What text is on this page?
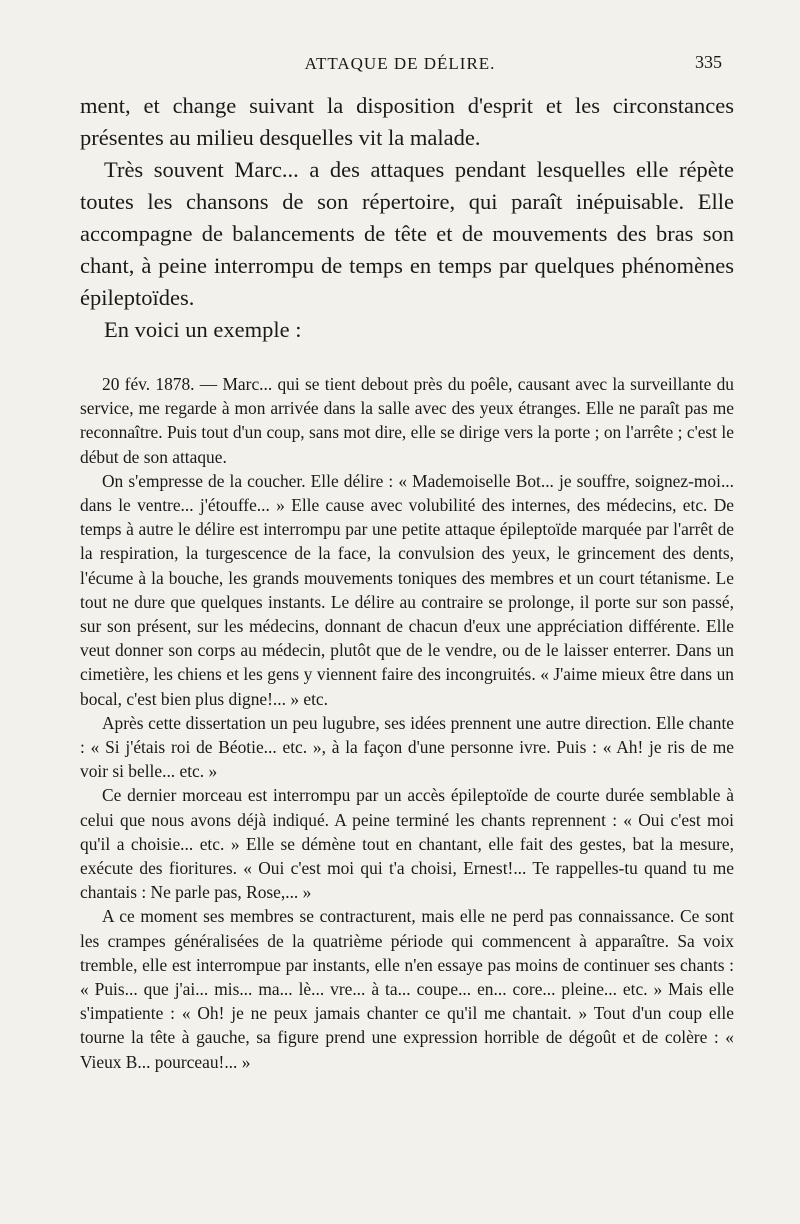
ATTAQUE DE DÉLIRE.	335

ment, et change suivant la disposition d'esprit et les circonstances présentes au milieu desquelles vit la malade.

Très souvent Marc... a des attaques pendant lesquelles elle répète toutes les chansons de son répertoire, qui paraît inépuisable. Elle accompagne de balancements de tête et de mouvements des bras son chant, à peine interrompu de temps en temps par quelques phénomènes épileptoïdes.

En voici un exemple :

20 fév. 1878. — Marc... qui se tient debout près du poêle, causant avec la surveillante du service, me regarde à mon arrivée dans la salle avec des yeux étranges. Elle ne paraît pas me reconnaître. Puis tout d'un coup, sans mot dire, elle se dirige vers la porte ; on l'arrête ; c'est le début de son attaque.

On s'empresse de la coucher. Elle délire : « Mademoiselle Bot... je souffre, soignez-moi... dans le ventre... j'étouffe... » Elle cause avec volubilité des internes, des médecins, etc. De temps à autre le délire est interrompu par une petite attaque épileptoïde marquée par l'arrêt de la respiration, la turgescence de la face, la convulsion des yeux, le grincement des dents, l'écume à la bouche, les grands mouvements toniques des membres et un court tétanisme. Le tout ne dure que quelques instants. Le délire au contraire se prolonge, il porte sur son passé, sur son présent, sur les médecins, donnant de chacun d'eux une appréciation différente. Elle veut donner son corps au médecin, plutôt que de le vendre, ou de le laisser enterrer. Dans un cimetière, les chiens et les gens y viennent faire des incongruités. « J'aime mieux être dans un bocal, c'est bien plus digne!... » etc.

Après cette dissertation un peu lugubre, ses idées prennent une autre direction. Elle chante : « Si j'étais roi de Béotie... etc. », à la façon d'une personne ivre. Puis : « Ah! je ris de me voir si belle... etc. »

Ce dernier morceau est interrompu par un accès épileptoïde de courte durée semblable à celui que nous avons déjà indiqué. A peine terminé les chants reprennent : « Oui c'est moi qu'il a choisie... etc. » Elle se démène tout en chantant, elle fait des gestes, bat la mesure, exécute des fioritures. « Oui c'est moi qui t'a choisi, Ernest!... Te rappelles-tu quand tu me chantais : Ne parle pas, Rose,... »

A ce moment ses membres se contracturent, mais elle ne perd pas connaissance. Ce sont les crampes généralisées de la quatrième période qui commencent à apparaître. Sa voix tremble, elle est interrompue par instants, elle n'en essaye pas moins de continuer ses chants : « Puis... que j'ai... mis... ma... lè... vre... à ta... coupe... en... core... pleine... etc. » Mais elle s'impatiente : « Oh! je ne peux jamais chanter ce qu'il me chantait. » Tout d'un coup elle tourne la tête à gauche, sa figure prend une expression horrible de dégoût et de colère : « Vieux B... pourceau!... »
